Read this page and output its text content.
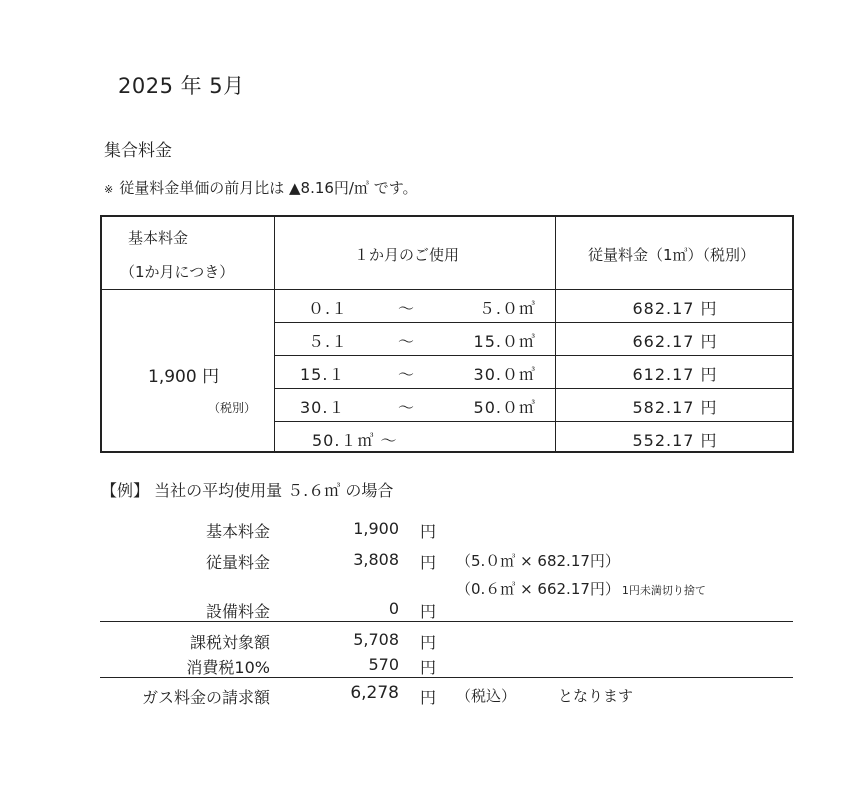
2025 年 5月
集合料金
※ 従量料金単価の前月比は ▲8.16円/㎥ です。
基本料金
（1か月につき）
１か月のご使用	従量料金（1㎥）（税別）
1,900 円
（税別）
０.１	～	５.０㎥	682.17 円
５.１	～	15.０㎥	662.17 円
15.１	～	30.０㎥	612.17 円
30.１	～	50.０㎥	582.17 円
50.１㎥ ～	552.17 円
【例】 当社の平均使用量 ５.６㎥ の場合
基本料金	1,900 円
従量料金	3,808 円 （5.０㎥ × 682.17円）
（0.６㎥ × 662.17円） 1円未満切り捨て
設備料金	0 円
課税対象額	5,708 円
消費税10%	570 円
ガス料金の請求額	6,278 円 （税込）	となります
